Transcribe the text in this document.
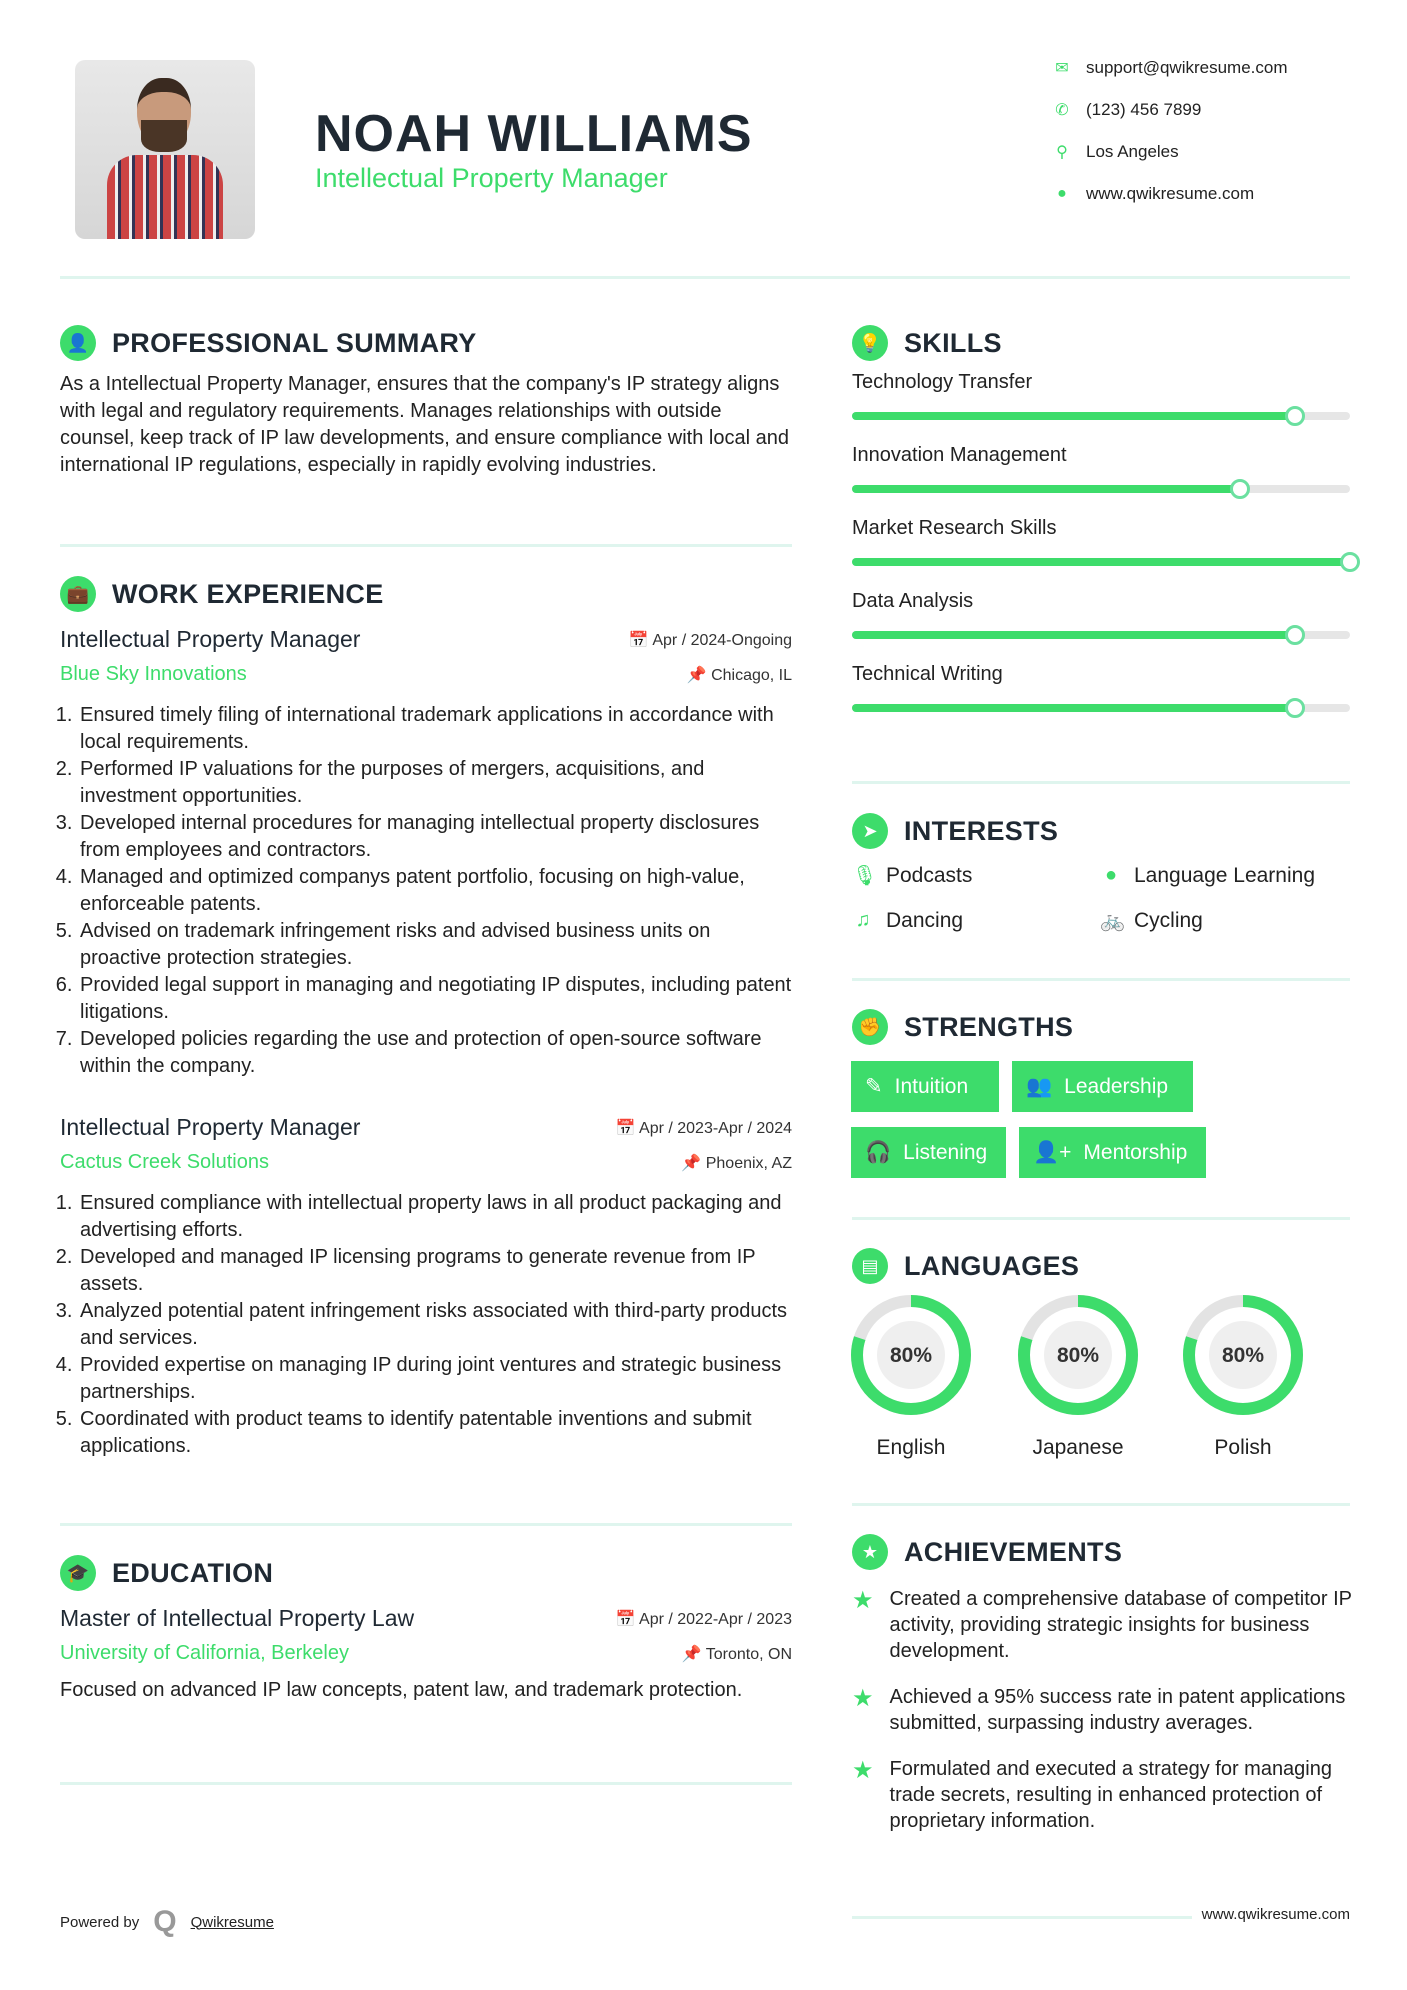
NOAH WILLIAMS
Intellectual Property Manager
✉ support@qwikresume.com
✆ (123) 456 7899
⚲ Los Angeles
●	www.qwikresume.com
👤 PROFESSIONAL SUMMARY

As a Intellectual Property Manager, ensures that the company's IP strategy aligns with legal and regulatory requirements. Manages relationships with outside counsel, keep track of IP law developments, and ensure compliance with local and international IP regulations, especially in rapidly evolving industries.

💼 WORK EXPERIENCE
Intellectual Property Manager	📅 Apr / 2024-Ongoing
Blue Sky Innovations	📌 Chicago, IL
1. Ensured timely filing of international trademark applications in accordance with local requirements.
2. Performed IP valuations for the purposes of mergers, acquisitions, and investment opportunities.
3. Developed internal procedures for managing intellectual property disclosures from employees and contractors.
4. Managed and optimized companys patent portfolio, focusing on high-value, enforceable patents.
5. Advised on trademark infringement risks and advised business units on proactive protection strategies.
6. Provided legal support in managing and negotiating IP disputes, including patent litigations.
7. Developed policies regarding the use and protection of open-source software within the company.
Intellectual Property Manager	📅 Apr / 2023-Apr / 2024
Cactus Creek Solutions	📌 Phoenix, AZ
1. Ensured compliance with intellectual property laws in all product packaging and advertising efforts.
2. Developed and managed IP licensing programs to generate revenue from IP assets.
3. Analyzed potential patent infringement risks associated with third-party products and services.
4. Provided expertise on managing IP during joint ventures and strategic business partnerships.
5. Coordinated with product teams to identify patentable inventions and submit applications.
🎓 EDUCATION
Master of Intellectual Property Law	📅 Apr / 2022-Apr / 2023
University of California, Berkeley	📌 Toronto, ON

Focused on advanced IP law concepts, patent law, and trademark protection.

Powered by Q Qwikresume
💡 SKILLS
Technology Transfer
Innovation Management
Market Research Skills
Data Analysis
Technical Writing
➤ INTERESTS
🎙 Podcasts	● Language Learning
♫ Dancing	🚲 Cycling
✊ STRENGTHS
✎ Intuition	👥 Leadership
🎧 Listening 👤+ Mentorship
▤ LANGUAGES
80%
English
80%
Japanese
80%
Polish
★ ACHIEVEMENTS
★ Created a comprehensive database of competitor IP activity, providing strategic insights for business development.
★ Achieved a 95% success rate in patent applications submitted, surpassing industry averages.
★ Formulated and executed a strategy for managing trade secrets, resulting in enhanced protection of proprietary information.
www.qwikresume.com
